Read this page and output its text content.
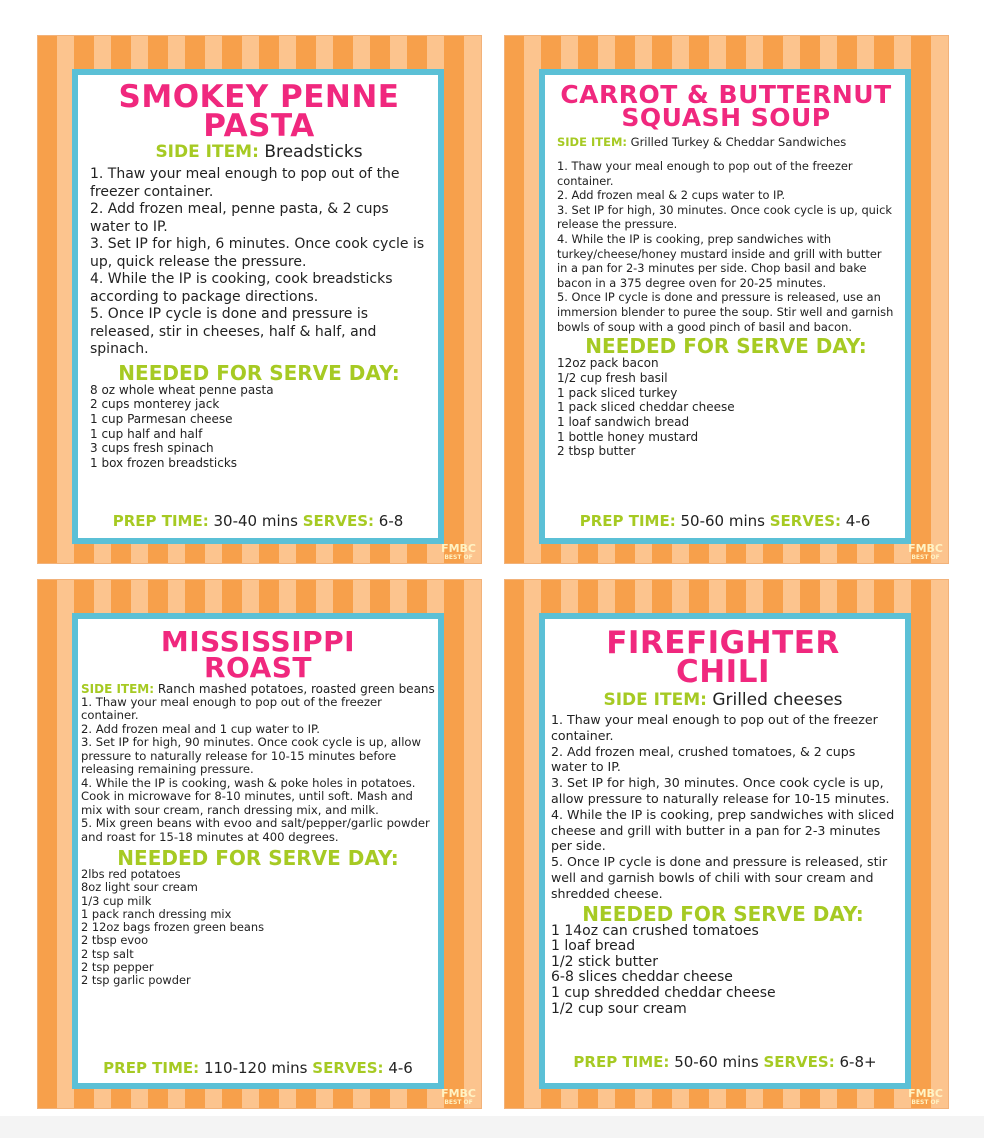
SMOKEY PENNE
PASTA
SIDE ITEM: Breadsticks
1. Thaw your meal enough to pop out of the freezer container.
2. Add frozen meal, penne pasta, & 2 cups water to IP.
3. Set IP for high, 6 minutes. Once cook cycle is up, quick release the pressure.
4. While the IP is cooking, cook breadsticks according to package directions.
5. Once IP cycle is done and pressure is released, stir in cheeses, half & half, and spinach.
NEEDED FOR SERVE DAY:
8 oz whole wheat penne pasta
2 cups monterey jack
1 cup Parmesan cheese
1 cup half and half
3 cups fresh spinach
1 box frozen breadsticks
PREP TIME: 30-40 mins SERVES: 6-8
FMBC
BEST OF
CARROT & BUTTERNUT
SQUASH SOUP
SIDE ITEM: Grilled Turkey & Cheddar Sandwiches
1. Thaw your meal enough to pop out of the freezer container.
2. Add frozen meal & 2 cups water to IP.
3. Set IP for high, 30 minutes. Once cook cycle is up, quick release the pressure.
4. While the IP is cooking, prep sandwiches with turkey/cheese/honey mustard inside and grill with butter in a pan for 2-3 minutes per side. Chop basil and bake bacon in a 375 degree oven for 20-25 minutes.
5. Once IP cycle is done and pressure is released, use an immersion blender to puree the soup. Stir well and garnish bowls of soup with a good pinch of basil and bacon.
NEEDED FOR SERVE DAY:
12oz pack bacon
1/2 cup fresh basil
1 pack sliced turkey
1 pack sliced cheddar cheese
1 loaf sandwich bread
1 bottle honey mustard
2 tbsp butter
PREP TIME: 50-60 mins SERVES: 4-6
FMBC
BEST OF
MISSISSIPPI
ROAST
SIDE ITEM: Ranch mashed potatoes, roasted green beans
1. Thaw your meal enough to pop out of the freezer container.
2. Add frozen meal and 1 cup water to IP.
3. Set IP for high, 90 minutes. Once cook cycle is up, allow pressure to naturally release for 10-15 minutes before releasing remaining pressure.
4. While the IP is cooking, wash & poke holes in potatoes. Cook in microwave for 8-10 minutes, until soft. Mash and mix with sour cream, ranch dressing mix, and milk.
5. Mix green beans with evoo and salt/pepper/garlic powder and roast for 15-18 minutes at 400 degrees.
NEEDED FOR SERVE DAY:
2lbs red potatoes
8oz light sour cream
1/3 cup milk
1 pack ranch dressing mix
2 12oz bags frozen green beans
2 tbsp evoo
2 tsp salt
2 tsp pepper
2 tsp garlic powder
PREP TIME: 110-120 mins SERVES: 4-6
FMBC
BEST OF
FIREFIGHTER
CHILI
SIDE ITEM: Grilled cheeses
1. Thaw your meal enough to pop out of the freezer container.
2. Add frozen meal, crushed tomatoes, & 2 cups water to IP.
3. Set IP for high, 30 minutes. Once cook cycle is up, allow pressure to naturally release for 10-15 minutes.
4. While the IP is cooking, prep sandwiches with sliced cheese and grill with butter in a pan for 2-3 minutes per side.
5. Once IP cycle is done and pressure is released, stir well and garnish bowls of chili with sour cream and shredded cheese.
NEEDED FOR SERVE DAY:
1 14oz can crushed tomatoes
1 loaf bread
1/2 stick butter
6-8 slices cheddar cheese
1 cup shredded cheddar cheese
1/2 cup sour cream
PREP TIME: 50-60 mins SERVES: 6-8+
FMBC
BEST OF
